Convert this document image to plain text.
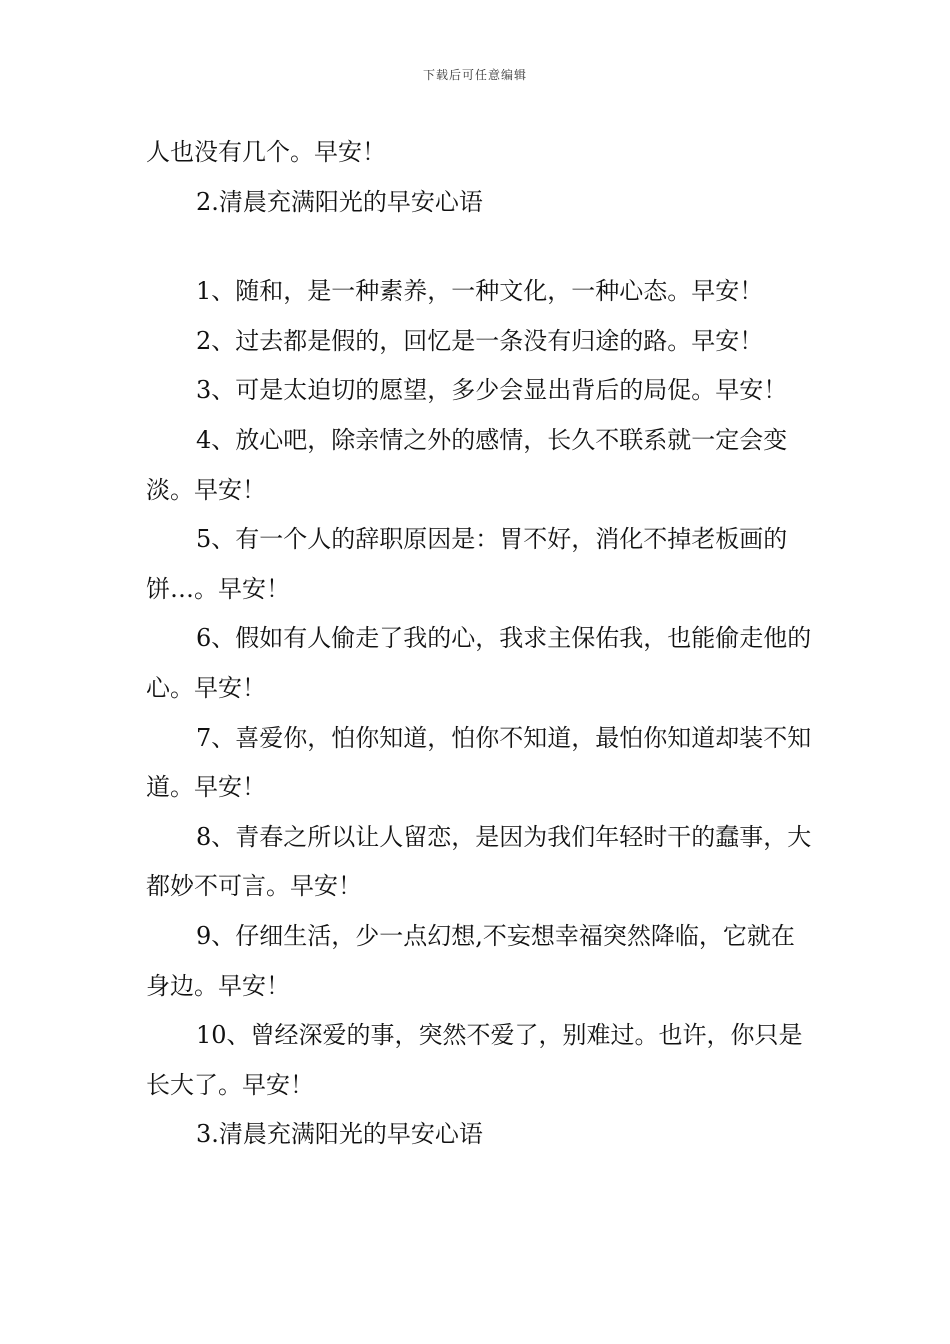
下载后可任意编辑

人也没有几个。早安！

2.清晨充满阳光的早安心语

1、随和，是一种素养，一种文化，一种心态。早安！

2、过去都是假的，回忆是一条没有归途的路。早安！

3、可是太迫切的愿望，多少会显出背后的局促。早安！

4、放心吧，除亲情之外的感情，长久不联系就一定会变淡。早安！

5、有一个人的辞职原因是：胃不好，消化不掉老板画的饼…。早安！

6、假如有人偷走了我的心，我求主保佑我，也能偷走他的心。早安！

7、喜爱你，怕你知道，怕你不知道，最怕你知道却装不知道。早安！

8、青春之所以让人留恋，是因为我们年轻时干的蠢事，大都妙不可言。早安！

9、仔细生活，少一点幻想,不妄想幸福突然降临，它就在身边。早安！

10、曾经深爱的事，突然不爱了，别难过。也许，你只是长大了。早安！

3.清晨充满阳光的早安心语
